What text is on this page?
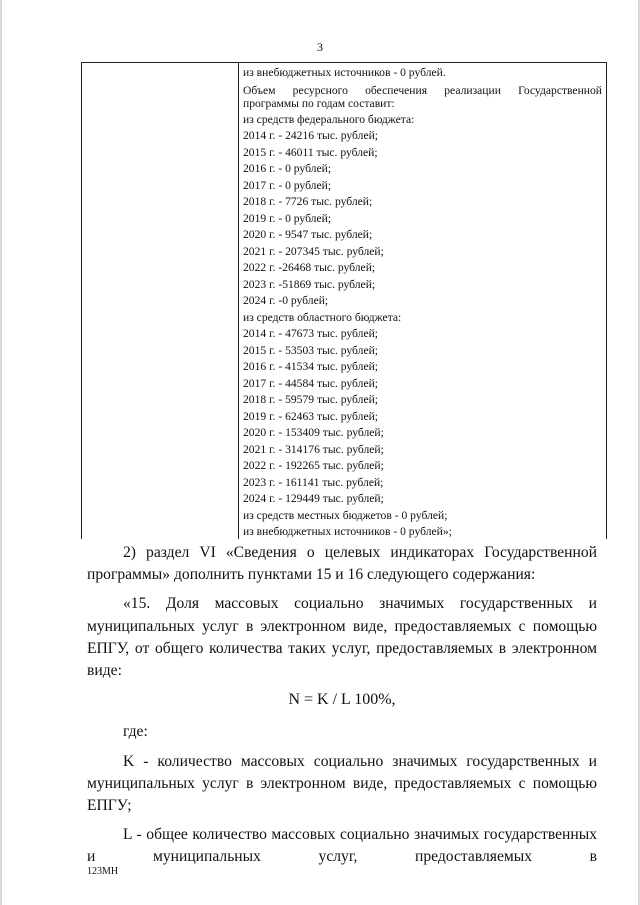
3
из внебюджетных источников - 0 рублей.
Объем ресурсного обеспечения реализации Государственной программы по годам составит:
из средств федерального бюджета:
2014 г. - 24216 тыс. рублей;
2015 г. - 46011 тыс. рублей;
2016 г. - 0 рублей;
2017 г. - 0 рублей;
2018 г. - 7726 тыс. рублей;
2019 г. - 0 рублей;
2020 г. - 9547 тыс. рублей;
2021 г. - 207345 тыс. рублей;
2022 г. -26468 тыс. рублей;
2023 г. -51869 тыс. рублей;
2024 г. -0 рублей;
из средств областного бюджета:
2014 г. - 47673 тыс. рублей;
2015 г. - 53503 тыс. рублей;
2016 г. - 41534 тыс. рублей;
2017 г. - 44584 тыс. рублей;
2018 г. - 59579 тыс. рублей;
2019 г. - 62463 тыс. рублей;
2020 г. - 153409 тыс. рублей;
2021 г. - 314176 тыс. рублей;
2022 г. - 192265 тыс. рублей;
2023 г. - 161141 тыс. рублей;
2024 г. - 129449 тыс. рублей;
из средств местных бюджетов - 0 рублей;
из внебюджетных источников - 0 рублей»;

2) раздел VI «Сведения о целевых индикаторах Государственной программы» дополнить пунктами 15 и 16 следующего содержания:

«15. Доля массовых социально значимых государственных и муниципальных услуг в электронном виде, предоставляемых с помощью ЕПГУ, от общего количества таких услуг, предоставляемых в электронном виде:

N = K / L 100%,

где:

K - количество массовых социально значимых государственных и муниципальных услуг в электронном виде, предоставляемых с помощью ЕПГУ;

L - общее количество массовых социально значимых государственных и муниципальных услуг, предоставляемых в

123МН
